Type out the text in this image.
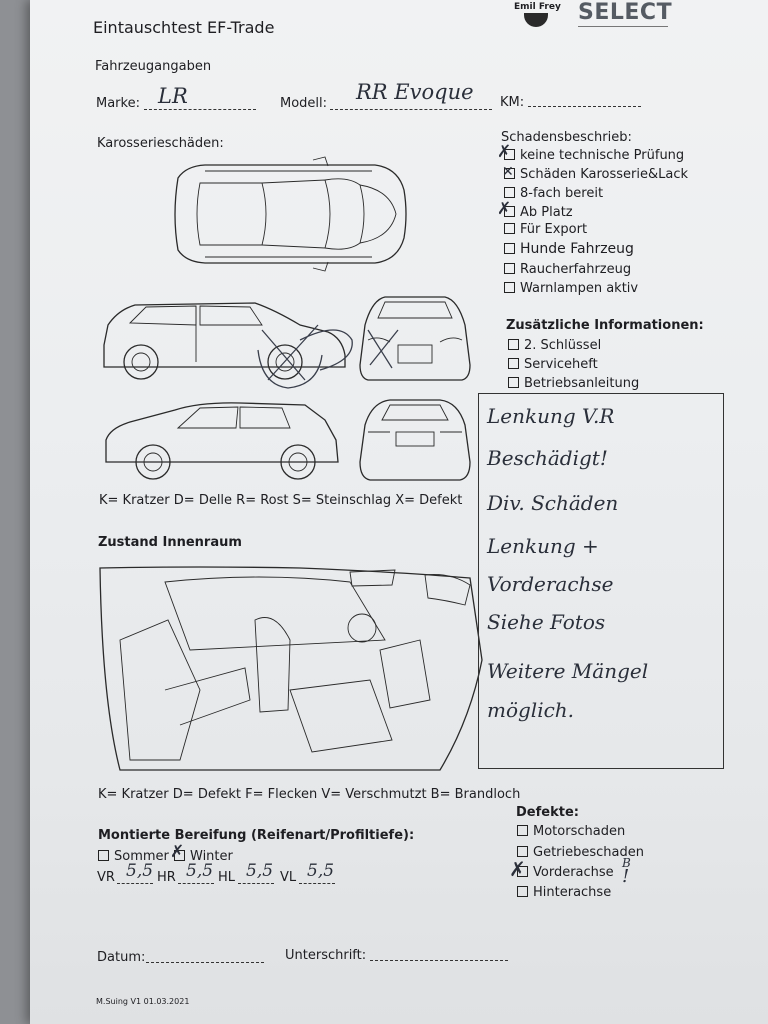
Emil Frey SELECT
Eintauschtest EF-Trade
Fahrzeugangaben
Marke: LR	Modell: RR Evoque KM:
Karosserieschäden:
K= Kratzer D= Delle R= Rost S= Steinschlag X= Defekt
Schadensbeschrieb:
keine technische Prüfung
✗
Schäden Karosserie&Lack
✕
8-fach bereit
Ab Platz
✗
Für Export
Hunde Fahrzeug
Raucherfahrzeug
Warnlampen aktiv
Zusätzliche Informationen:
2. Schlüssel
Serviceheft
Betriebsanleitung
Lenkung V.R
Beschädigt!
Div. Schäden
Lenkung +
Vorderachse
Siehe Fotos
Weitere Mängel
möglich.
Zustand Innenraum
K= Kratzer D= Defekt F= Flecken V= Verschmutzt B= Brandloch
Montierte Bereifung (Reifenart/Profiltiefe):
Sommer	Winter
✗
VR 5,5 HR 5,5 HL 5,5 VL 5,5
Defekte:
Motorschaden
Getriebeschaden
Vorderachse
✗	B
!
Hinterachse
Datum:	Unterschrift:
M.Suing V1 01.03.2021
